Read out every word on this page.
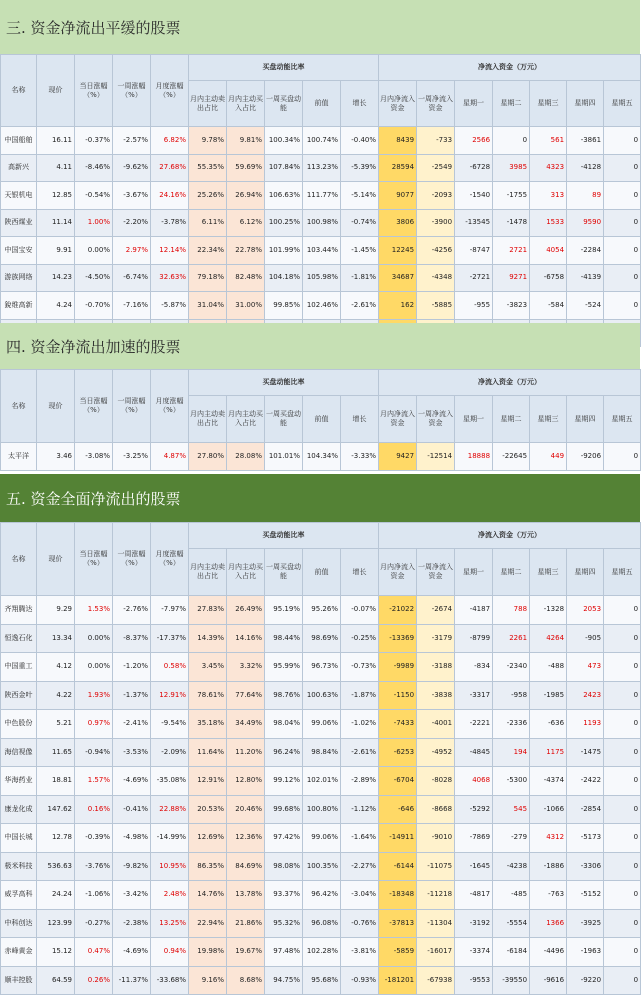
三. 资金净流出平缓的股票
名称	现价	当日涨幅（%）	一周涨幅（%）	月度涨幅（%）	买盘动能比率					净流入资金（万元）						
					月内主动卖出占比	月内主动买入占比	一周买盘动能	前值	增长	月内净流入资金	一周净流入资金	星期一	星期二	星期三	星期四	星期五
中国船舶	16.11	-0.37%	-2.57%	6.82%	9.78%	9.81%	100.34%	100.74%	-0.40%	8439	-733	2566	0	561	-3861	0
高新兴	4.11	-8.46%	-9.62%	27.68%	55.35%	59.69%	107.84%	113.23%	-5.39%	28594	-2549	-6728	3985	4323	-4128	0
天银机电	12.85	-0.54%	-3.67%	24.16%	25.26%	26.94%	106.63%	111.77%	-5.14%	9077	-2093	-1540	-1755	313	89	0
陕西煤业	11.14	1.00%	-2.20%	-3.78%	6.11%	6.12%	100.25%	100.98%	-0.74%	3806	-3900	-13545	-1478	1533	9590	0
中国宝安	9.91	0.00%	2.97%	12.14%	22.34%	22.78%	101.99%	103.44%	-1.45%	12245	-4256	-8747	2721	4054	-2284	0
游族网络	14.23	-4.50%	-6.74%	32.63%	79.18%	82.48%	104.18%	105.98%	-1.81%	34687	-4348	-2721	9271	-6758	-4139	0
銳维高新	4.24	-0.70%	-7.16%	-5.87%	31.04%	31.00%	99.85%	102.46%	-2.61%	162	-5885	-955	-3823	-584	-524	0

四. 资金净流出加速的股票
名称	现价	当日涨幅（%）	一周涨幅（%）	月度涨幅（%）	买盘动能比率					净流入资金（万元）						
					月内主动卖出占比	月内主动买入占比	一周买盘动能	前值	增长	月内净流入资金	一周净流入资金	星期一	星期二	星期三	星期四	星期五
太平洋	3.46	-3.08%	-3.25%	4.87%	27.80%	28.08%	101.01%	104.34%	-3.33%	9427	-12514	18888	-22645	449	-9206	0
五. 资金全面净流出的股票
名称	现价	当日涨幅（%）	一周涨幅（%）	月度涨幅（%）	买盘动能比率					净流入资金（万元）						
					月内主动卖出占比	月内主动买入占比	一周买盘动能	前值	增长	月内净流入资金	一周净流入资金	星期一	星期二	星期三	星期四	星期五
齐翔腾达	9.29	1.53%	-2.76%	-7.97%	27.83%	26.49%	95.19%	95.26%	-0.07%	-21022	-2674	-4187	788	-1328	2053	0
恒逸石化	13.34	0.00%	-8.37%	-17.37%	14.39%	14.16%	98.44%	98.69%	-0.25%	-13369	-3179	-8799	2261	4264	-905	0
中国重工	4.12	0.00%	-1.20%	0.58%	3.45%	3.32%	95.99%	96.73%	-0.73%	-9989	-3188	-834	-2340	-488	473	0
陕西金叶	4.22	1.93%	-1.37%	12.91%	78.61%	77.64%	98.76%	100.63%	-1.87%	-1150	-3838	-3317	-958	-1985	2423	0
中色股份	5.21	0.97%	-2.41%	-9.54%	35.18%	34.49%	98.04%	99.06%	-1.02%	-7433	-4001	-2221	-2336	-636	1193	0
海信视像	11.65	-0.94%	-3.53%	-2.09%	11.64%	11.20%	96.24%	98.84%	-2.61%	-6253	-4952	-4845	194	1175	-1475	0
华海药业	18.81	1.57%	-4.69%	-35.08%	12.91%	12.80%	99.12%	102.01%	-2.89%	-6704	-8028	4068	-5300	-4374	-2422	0
康龙化成	147.62	0.16%	-0.41%	22.88%	20.53%	20.46%	99.68%	100.80%	-1.12%	-646	-8668	-5292	545	-1066	-2854	0
中国长城	12.78	-0.39%	-4.98%	-14.99%	12.69%	12.36%	97.42%	99.06%	-1.64%	-14911	-9010	-7869	-279	4312	-5173	0
极米科技	536.63	-3.76%	-9.82%	10.95%	86.35%	84.69%	98.08%	100.35%	-2.27%	-6144	-11075	-1645	-4238	-1886	-3306	0
威孚高科	24.24	-1.06%	-3.42%	2.48%	14.76%	13.78%	93.37%	96.42%	-3.04%	-18348	-11218	-4817	-485	-763	-5152	0
中科创达	123.99	-0.27%	-2.38%	13.25%	22.94%	21.86%	95.32%	96.08%	-0.76%	-37813	-11304	-3192	-5554	1366	-3925	0
赤峰黄金	15.12	0.47%	-4.69%	0.94%	19.98%	19.67%	97.48%	102.28%	-3.81%	-5859	-16017	-3374	-6184	-4496	-1963	0
顺丰控股	64.59	0.26%	-11.37%	-33.68%	9.16%	8.68%	94.75%	95.68%	-0.93%	-181201	-67938	-9553	-39550	-9616	-9220	0
